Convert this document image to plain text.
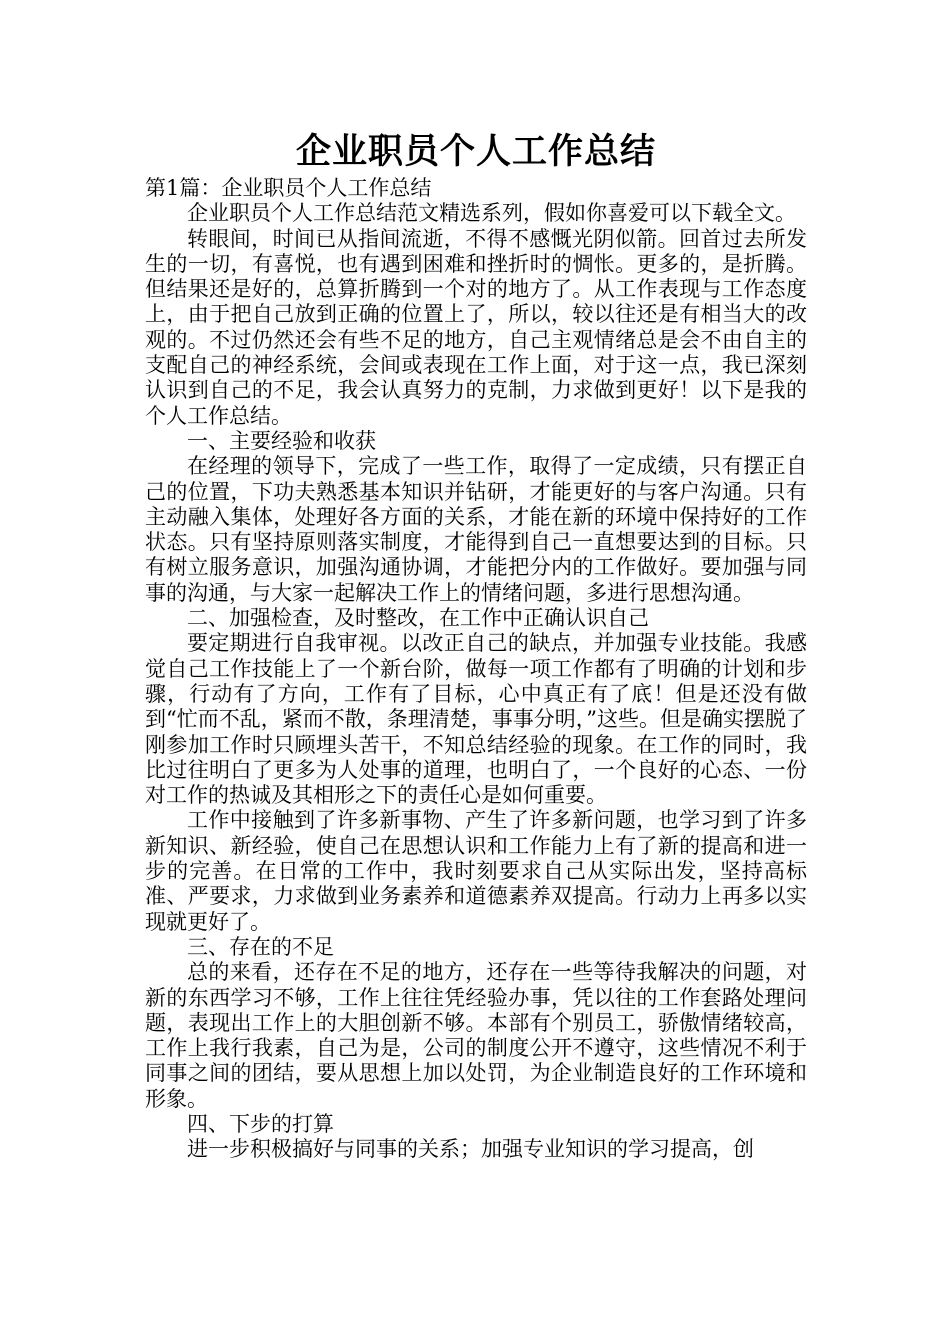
企业职员个人工作总结

第1篇：企业职员个人工作总结

企业职员个人工作总结范文精选系列，假如你喜爱可以下载全文。

转眼间，时间已从指间流逝，不得不感慨光阴似箭。回首过去所发生的一切，有喜悦，也有遇到困难和挫折时的惆怅。更多的，是折腾。但结果还是好的，总算折腾到一个对的地方了。从工作表现与工作态度上，由于把自己放到正确的位置上了，所以，较以往还是有相当大的改观的。不过仍然还会有些不足的地方，自己主观情绪总是会不由自主的支配自己的神经系统，会间或表现在工作上面，对于这一点，我已深刻认识到自己的不足，我会认真努力的克制，力求做到更好！以下是我的个人工作总结。

一、主要经验和收获

在经理的领导下，完成了一些工作，取得了一定成绩，只有摆正自己的位置，下功夫熟悉基本知识并钻研，才能更好的与客户沟通。只有主动融入集体，处理好各方面的关系，才能在新的环境中保持好的工作状态。只有坚持原则落实制度，才能得到自己一直想要达到的目标。只有树立服务意识，加强沟通协调，才能把分内的工作做好。要加强与同事的沟通，与大家一起解决工作上的情绪问题，多进行思想沟通。

二、加强检查，及时整改，在工作中正确认识自己

要定期进行自我审视。以改正自己的缺点，并加强专业技能。我感觉自己工作技能上了一个新台阶，做每一项工作都有了明确的计划和步骤，行动有了方向，工作有了目标，心中真正有了底！但是还没有做到“忙而不乱，紧而不散，条理清楚，事事分明，”这些。但是确实摆脱了刚参加工作时只顾埋头苦干，不知总结经验的现象。在工作的同时，我比过往明白了更多为人处事的道理，也明白了，一个良好的心态、一份对工作的热诚及其相形之下的责任心是如何重要。

工作中接触到了许多新事物、产生了许多新问题，也学习到了许多新知识、新经验，使自己在思想认识和工作能力上有了新的提高和进一步的完善。在日常的工作中，我时刻要求自己从实际出发，坚持高标准、严要求，力求做到业务素养和道德素养双提高。行动力上再多以实现就更好了。

三、存在的不足

总的来看，还存在不足的地方，还存在一些等待我解决的问题，对新的东西学习不够，工作上往往凭经验办事，凭以往的工作套路处理问题，表现出工作上的大胆创新不够。本部有个别员工，骄傲情绪较高，工作上我行我素，自己为是，公司的制度公开不遵守，这些情况不利于同事之间的团结，要从思想上加以处罚，为企业制造良好的工作环境和形象。

四、下步的打算

进一步积极搞好与同事的关系；加强专业知识的学习提高，创
